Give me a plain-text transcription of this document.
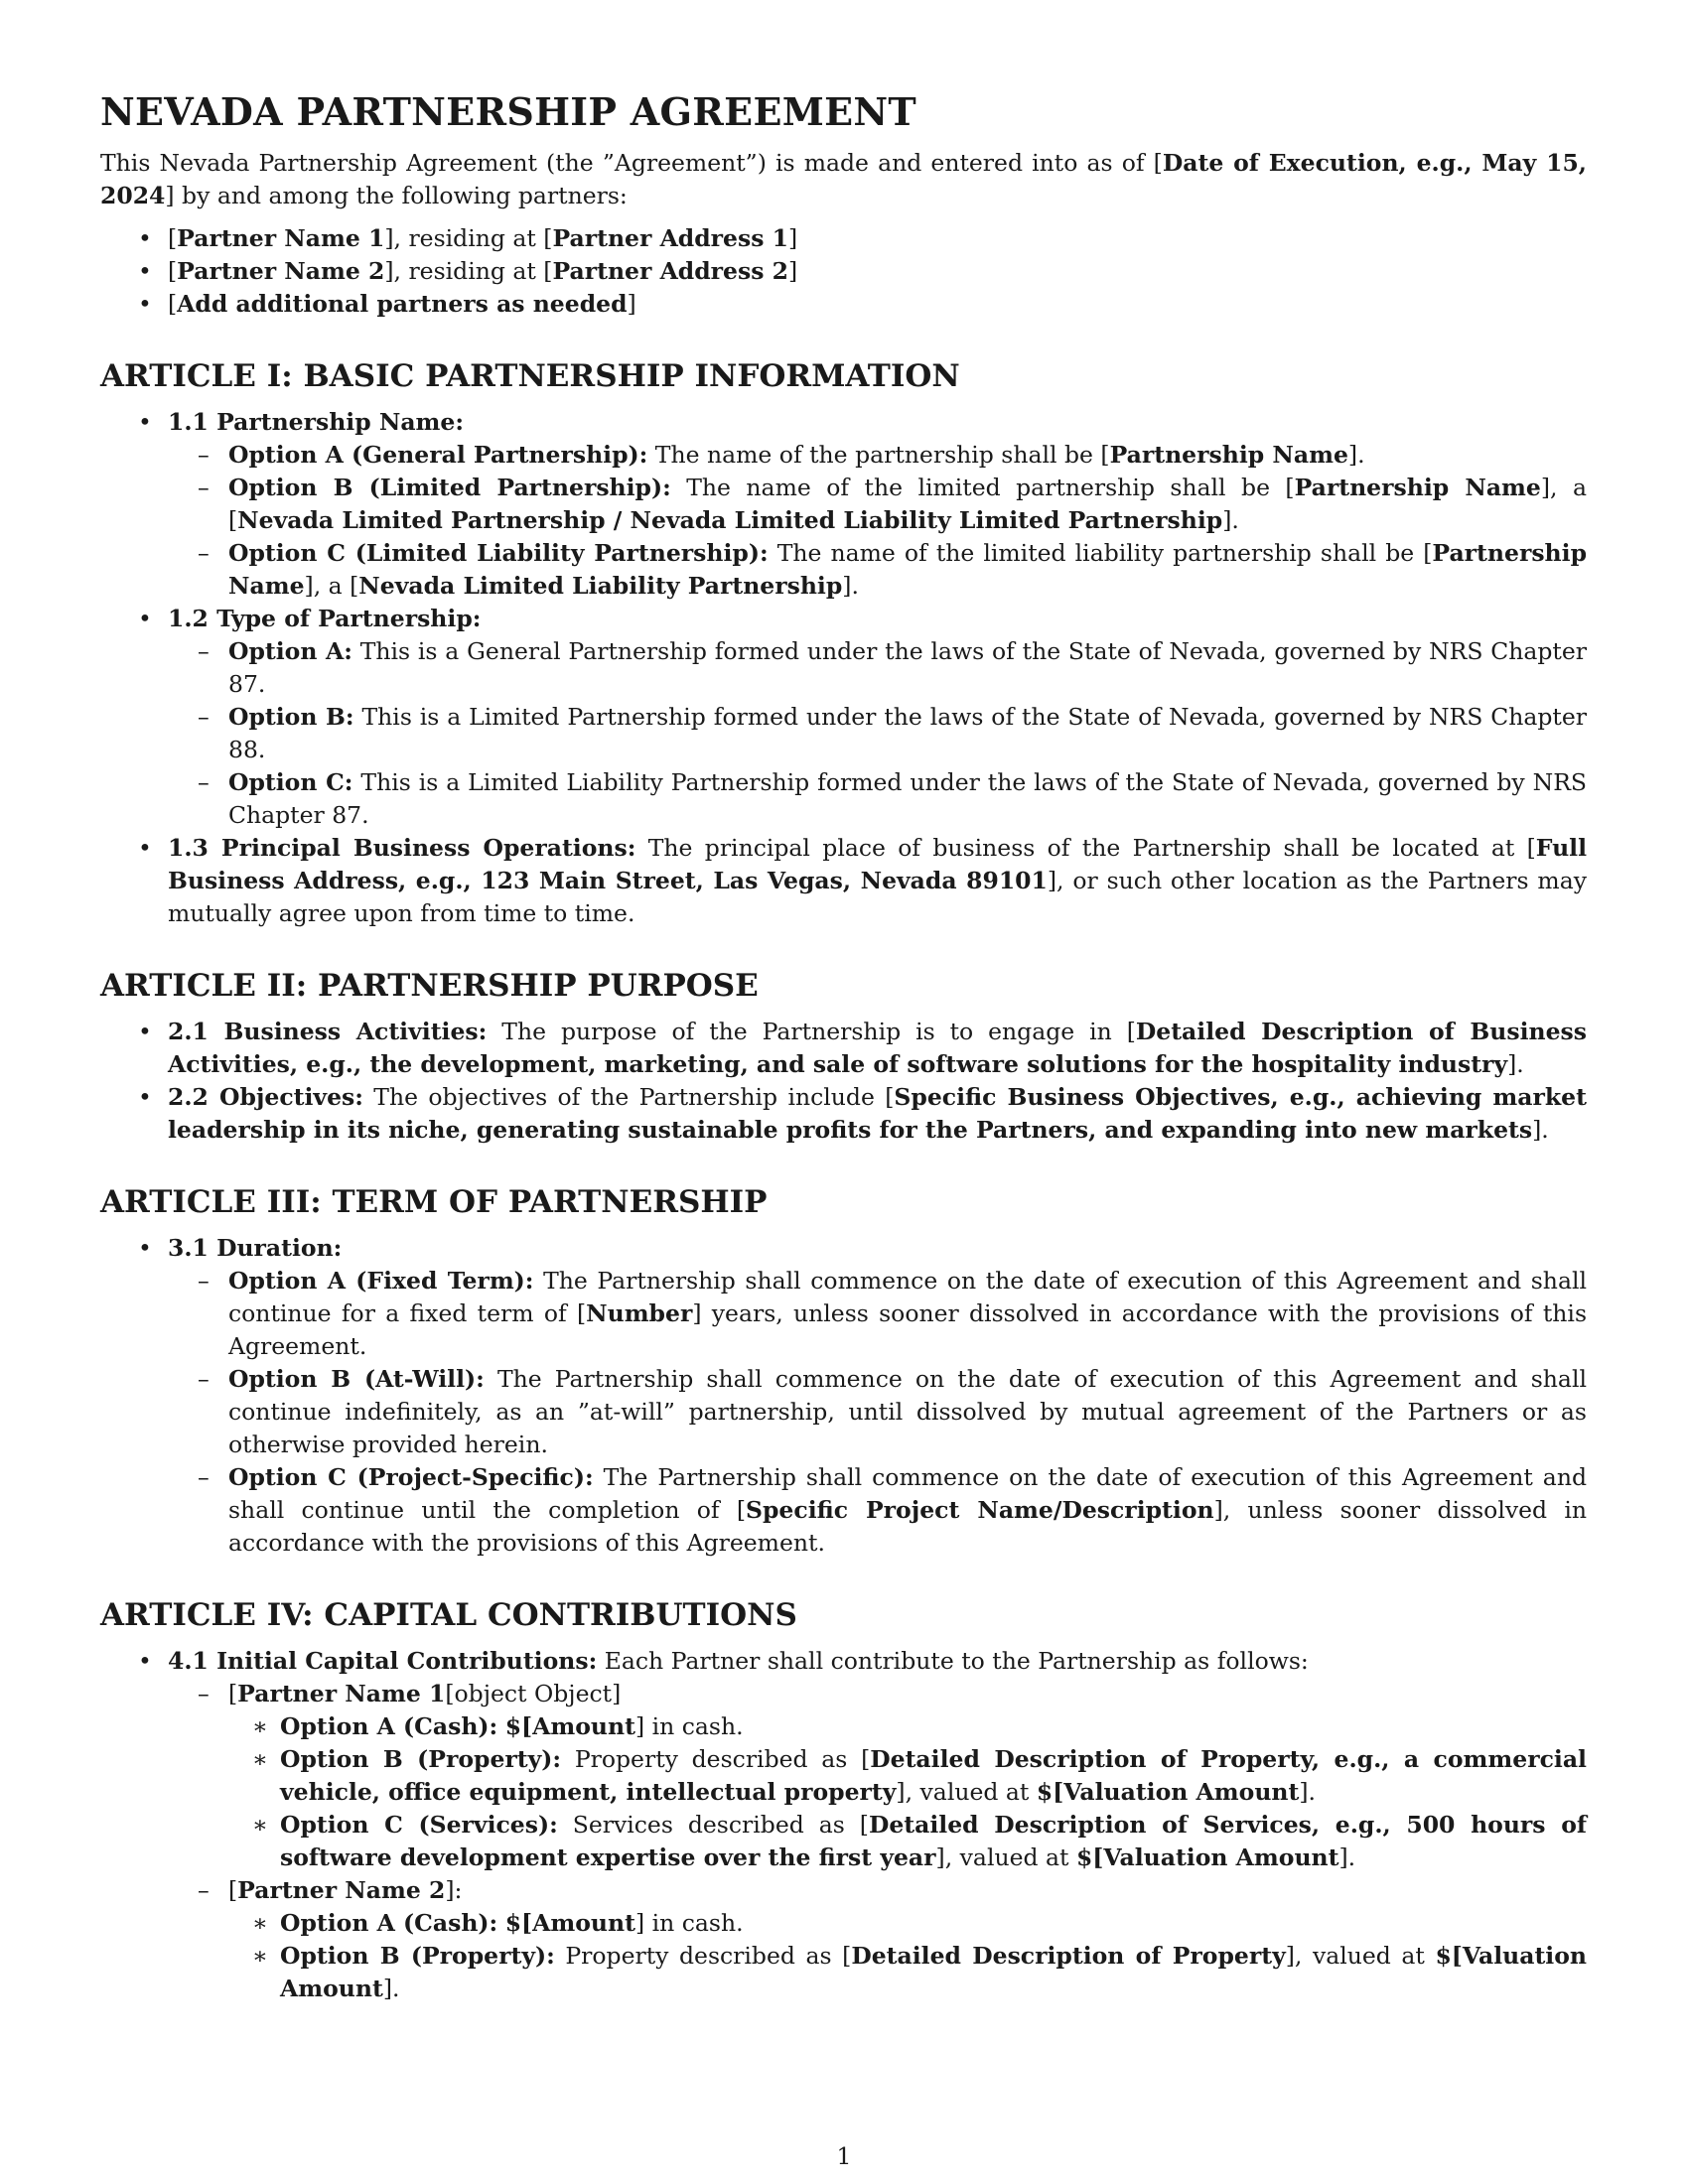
NEVADA PARTNERSHIP AGREEMENT

This Nevada Partnership Agreement (the ”Agreement”) is made and entered into as of [Date of Execution, e.g., May 15, 2024] by and among the following partners:

• [Partner Name 1], residing at [Partner Address 1]
• [Partner Name 2], residing at [Partner Address 2]
• [Add additional partners as needed]
ARTICLE I: BASIC PARTNERSHIP INFORMATION
• 1.1 Partnership Name:
– Option A (General Partnership): The name of the partnership shall be [Partnership Name].
– Option B (Limited Partnership): The name of the limited partnership shall be [Partnership Name], a [Nevada Limited Partnership / Nevada Limited Liability Limited Partnership].
– Option C (Limited Liability Partnership): The name of the limited liability partnership shall be [Partnership Name], a [Nevada Limited Liability Partnership].
• 1.2 Type of Partnership:
– Option A: This is a General Partnership formed under the laws of the State of Nevada, governed by NRS Chapter 87.
– Option B: This is a Limited Partnership formed under the laws of the State of Nevada, governed by NRS Chapter 88.
– Option C: This is a Limited Liability Partnership formed under the laws of the State of Nevada, governed by NRS Chapter 87.
• 1.3 Principal Business Operations: The principal place of business of the Partnership shall be located at [Full Business Address, e.g., 123 Main Street, Las Vegas, Nevada 89101], or such other location as the Partners may mutually agree upon from time to time.
ARTICLE II: PARTNERSHIP PURPOSE
• 2.1 Business Activities: The purpose of the Partnership is to engage in [Detailed Description of Business Activities, e.g., the development, marketing, and sale of software solutions for the hospitality industry].
• 2.2 Objectives: The objectives of the Partnership include [Specific Business Objectives, e.g., achieving market leadership in its niche, generating sustainable profits for the Partners, and expanding into new markets].
ARTICLE III: TERM OF PARTNERSHIP
• 3.1 Duration:
– Option A (Fixed Term): The Partnership shall commence on the date of execution of this Agreement and shall continue for a fixed term of [Number] years, unless sooner dissolved in accordance with the provisions of this Agreement.
– Option B (At-Will): The Partnership shall commence on the date of execution of this Agreement and shall continue indefinitely, as an ”at-will” partnership, until dissolved by mutual agreement of the Partners or as otherwise provided herein.
– Option C (Project-Specific): The Partnership shall commence on the date of execution of this Agreement and shall continue until the completion of [Specific Project Name/Description], unless sooner dissolved in accordance with the provisions of this Agreement.
ARTICLE IV: CAPITAL CONTRIBUTIONS
• 4.1 Initial Capital Contributions: Each Partner shall contribute to the Partnership as follows:
– [Partner Name 1[object Object]
∗ Option A (Cash): $[Amount] in cash.
∗ Option B (Property): Property described as [Detailed Description of Property, e.g., a commercial vehicle, office equipment, intellectual property], valued at $[Valuation Amount].
∗ Option C (Services): Services described as [Detailed Description of Services, e.g., 500 hours of software development expertise over the first year], valued at $[Valuation Amount].
– [Partner Name 2]:
∗ Option A (Cash): $[Amount] in cash.
∗ Option B (Property): Property described as [Detailed Description of Property], valued at $[Valuation Amount].
1
